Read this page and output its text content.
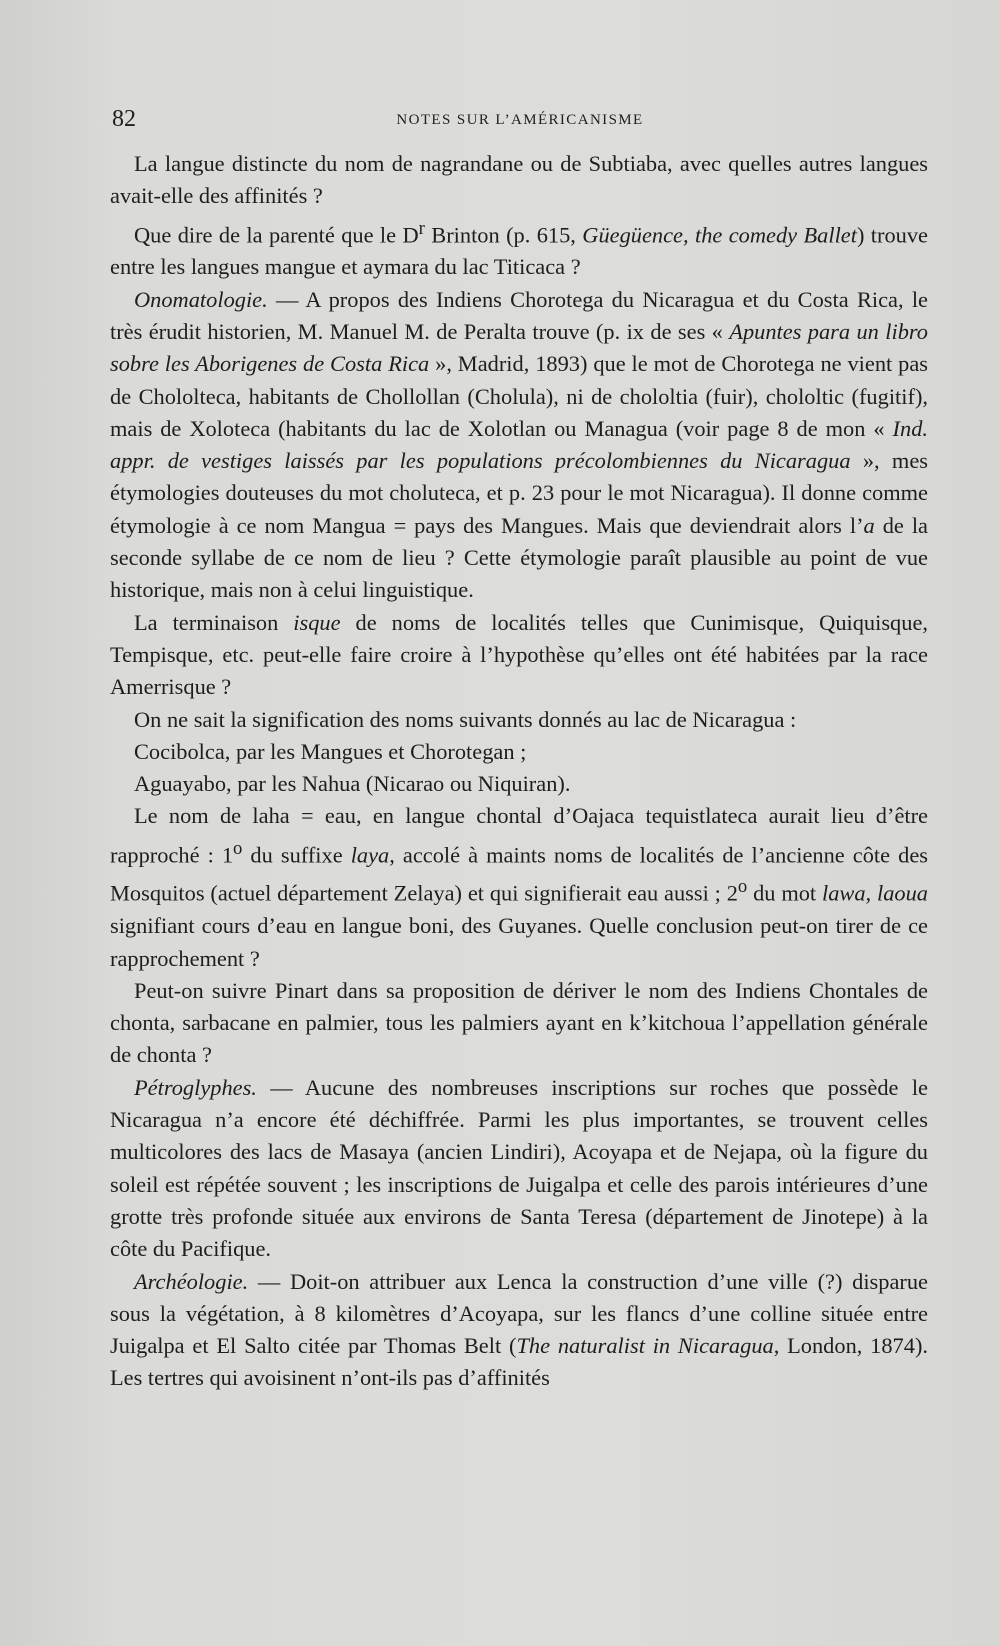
82	NOTES SUR L’AMÉRICANISME

La langue distincte du nom de nagrandane ou de Subtiaba, avec quelles autres langues avait-elle des affinités ?

Que dire de la parenté que le $D^r$ Brinton (p. 615, Güegüence, the comedy Ballet) trouve entre les langues mangue et aymara du lac Titicaca ?

Onomatologie. — A propos des Indiens Chorotega du Nicaragua et du Costa Rica, le très érudit historien, M. Manuel M. de Peralta trouve (p. ix de ses « Apuntes para un libro sobre les Aborigenes de Costa Rica », Madrid, 1893) que le mot de Chorotega ne vient pas de Chololteca, habitants de Chollollan (Cholula), ni de chololtia (fuir), chololtic (fugitif), mais de Xoloteca (habitants du lac de Xolotlan ou Managua (voir page 8 de mon « Ind. appr. de vestiges laissés par les populations précolombiennes du Nicaragua », mes étymologies douteuses du mot choluteca, et p. 23 pour le mot Nicaragua). Il donne comme étymologie à ce nom Mangua = pays des Mangues. Mais que deviendrait alors l’a de la seconde syllabe de ce nom de lieu ? Cette étymologie paraît plausible au point de vue historique, mais non à celui linguistique.

La terminaison isque de noms de localités telles que Cunimisque, Quiquisque, Tempisque, etc. peut-elle faire croire à l’hypothèse qu’elles ont été habitées par la race Amerrisque ?

On ne sait la signification des noms suivants donnés au lac de Nicaragua :

Cocibolca, par les Mangues et Chorotegan ;

Aguayabo, par les Nahua (Nicarao ou Niquiran).

Le nom de laha = eau, en langue chontal d’Oajaca tequistlateca aurait lieu d’être rapproché : 1$^o$ du suffixe laya, accolé à maints noms de localités de l’ancienne côte des Mosquitos (actuel département Zelaya) et qui signifierait eau aussi ; 2$^o$ du mot lawa, laoua signifiant cours d’eau en langue boni, des Guyanes. Quelle conclusion peut-on tirer de ce rapprochement ?

Peut-on suivre Pinart dans sa proposition de dériver le nom des Indiens Chontales de chonta, sarbacane en palmier, tous les palmiers ayant en k’kitchoua l’appellation générale de chonta ?

Pétroglyphes. — Aucune des nombreuses inscriptions sur roches que possède le Nicaragua n’a encore été déchiffrée. Parmi les plus importantes, se trouvent celles multicolores des lacs de Masaya (ancien Lindiri), Acoyapa et de Nejapa, où la figure du soleil est répétée souvent ; les inscriptions de Juigalpa et celle des parois intérieures d’une grotte très profonde située aux environs de Santa Teresa (département de Jinotepe) à la côte du Pacifique.

Archéologie. — Doit-on attribuer aux Lenca la construction d’une ville (?) disparue sous la végétation, à 8 kilomètres d’Acoyapa, sur les flancs d’une colline située entre Juigalpa et El Salto citée par Thomas Belt (The naturalist in Nicaragua, London, 1874). Les tertres qui avoisinent n’ont-ils pas d’affinités
